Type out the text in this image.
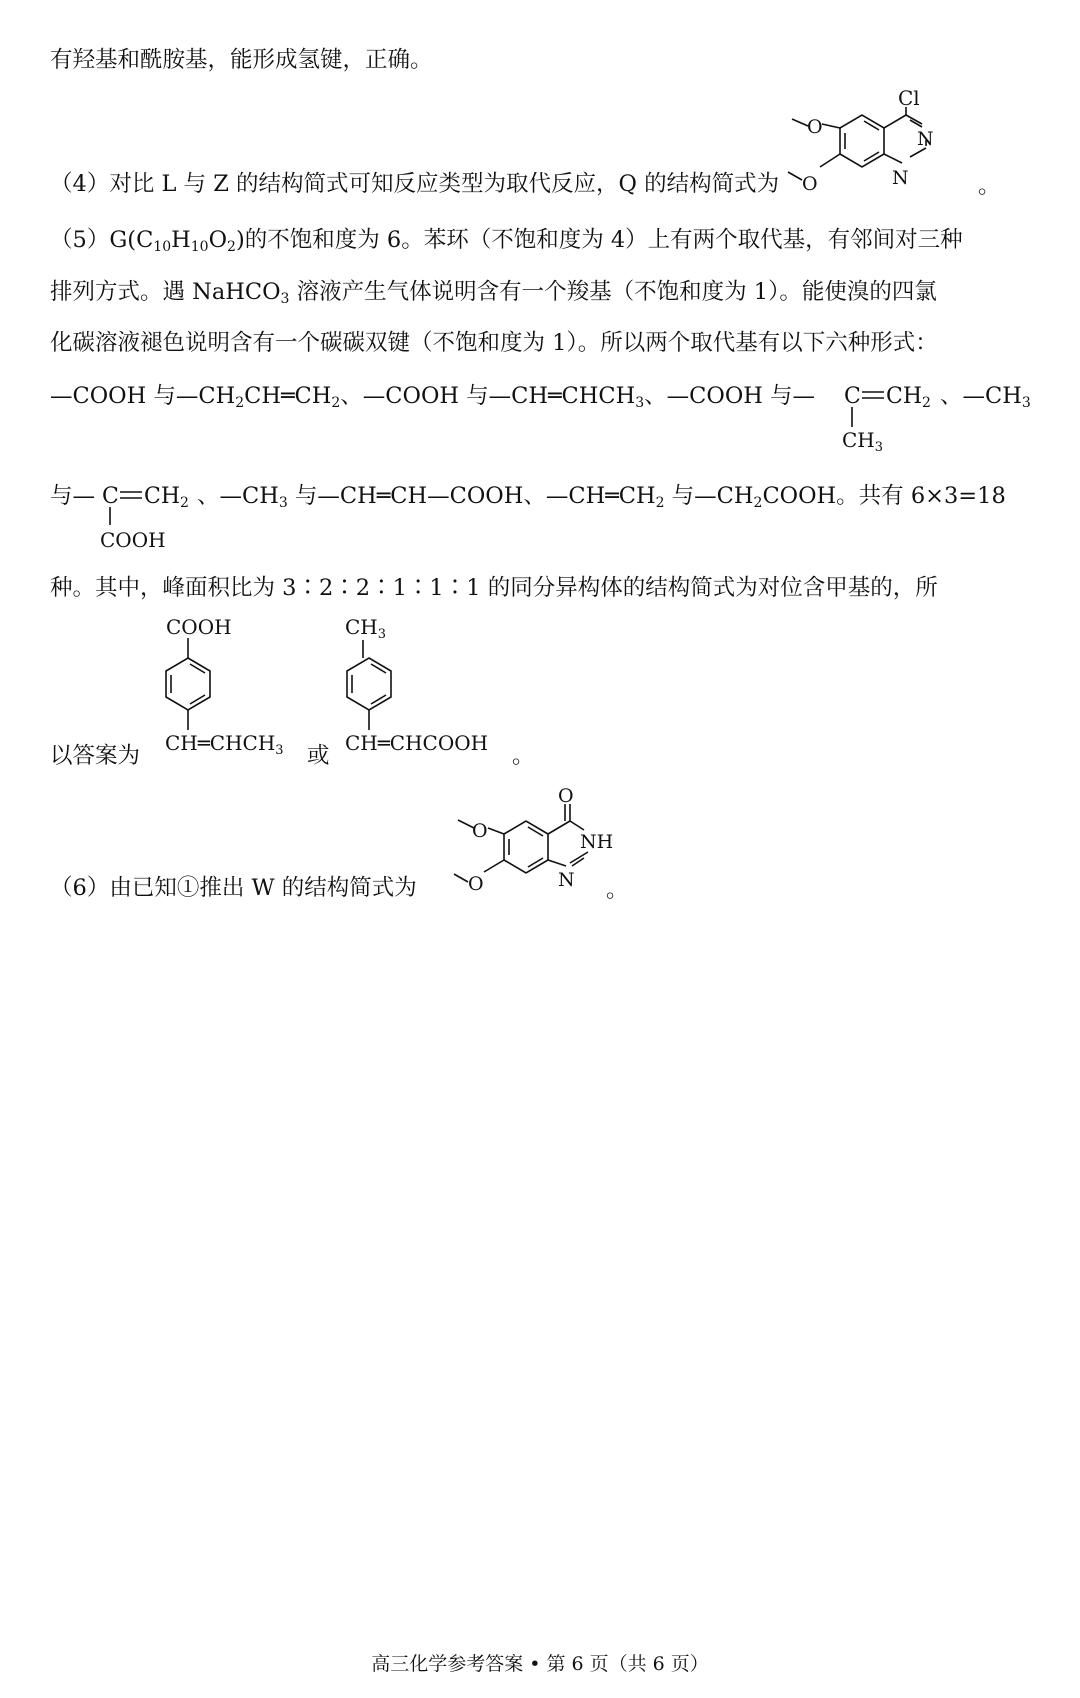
有羟基和酰胺基，能形成氢键，正确。
Cl
N
N
O
O
（4）对比 L 与 Z 的结构简式可知反应类型为取代反应，Q 的结构简式为	。
$(5)G(C_{10}H_{10}O_2)$的不饱和度为 6。苯环（不饱和度为 4）上有两个取代基，有邻间对三种
排列方式。遇 NaHCO$_3$ 溶液产生气体说明含有一个羧基（不饱和度为 1）。能使溴的四氯
化碳溶液褪色说明含有一个碳碳双键（不饱和度为 1）。所以两个取代基有以下六种形式：
—COOH 与$—CH_2CH═CH_2$、—COOH 与$—CH═CHCH_3$、—COOH 与—	C CH2
$CH_3$
、$—CH_3$
与— C CH2
COOH
、$—CH_3$ 与—CH═CH—COOH、$—CH═CH_2$ 与$—CH_2COOH$。共有 6×3=18
种。其中，峰面积比为 3∶2∶2∶1∶1∶1 的同分异构体的结构简式为对位含甲基的，所
以答案为
COOH
$CH═CHCH_3$ 或
$CH_3$
CH═CHCOOH 。
O
NH
N
O
O
（6）由已知①推出 W 的结构简式为	。
高三化学参考答案 • 第 6 页（共 6 页）
